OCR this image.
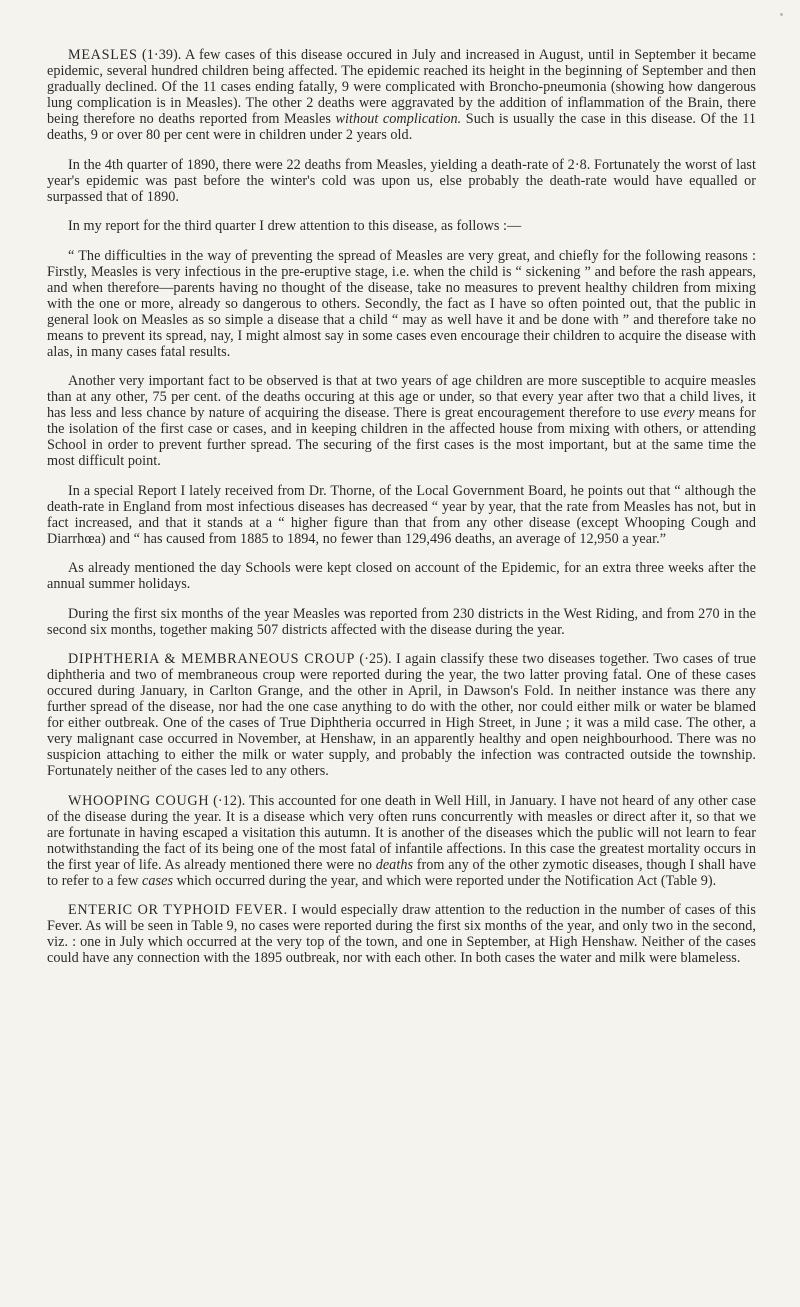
MEASLES (1·39). A few cases of this disease occured in July and increased in August, until in September it became epidemic, several hundred children being affected. The epidemic reached its height in the beginning of September and then gradually declined. Of the 11 cases ending fatally, 9 were complicated with Broncho-pneumonia (showing how dangerous lung complication is in Measles). The other 2 deaths were aggravated by the addition of inflammation of the Brain, there being therefore no deaths reported from Measles without complication. Such is usually the case in this disease. Of the 11 deaths, 9 or over 80 per cent were in children under 2 years old.

In the 4th quarter of 1890, there were 22 deaths from Measles, yielding a death-rate of 2·8. Fortunately the worst of last year's epidemic was past before the winter's cold was upon us, else probably the death-rate would have equalled or surpassed that of 1890.

In my report for the third quarter I drew attention to this disease, as follows :—

“ The difficulties in the way of preventing the spread of Measles are very great, and chiefly for the following reasons : Firstly, Measles is very infectious in the pre-eruptive stage, i.e. when the child is “ sickening ” and before the rash appears, and when therefore—parents having no thought of the disease, take no measures to prevent healthy children from mixing with the one or more, already so dangerous to others. Secondly, the fact as I have so often pointed out, that the public in general look on Measles as so simple a disease that a child “ may as well have it and be done with ” and therefore take no means to prevent its spread, nay, I might almost say in some cases even encourage their children to acquire the disease with alas, in many cases fatal results.

Another very important fact to be observed is that at two years of age children are more susceptible to acquire measles than at any other, 75 per cent. of the deaths occuring at this age or under, so that every year after two that a child lives, it has less and less chance by nature of acquiring the disease. There is great encouragement therefore to use every means for the isolation of the first case or cases, and in keeping children in the affected house from mixing with others, or attending School in order to prevent further spread. The securing of the first cases is the most important, but at the same time the most difficult point.

In a special Report I lately received from Dr. Thorne, of the Local Government Board, he points out that “ although the death-rate in England from most infectious diseases has decreased “ year by year, that the rate from Measles has not, but in fact increased, and that it stands at a “ higher figure than that from any other disease (except Whooping Cough and Diarrhœa) and “ has caused from 1885 to 1894, no fewer than 129,496 deaths, an average of 12,950 a year.”

As already mentioned the day Schools were kept closed on account of the Epidemic, for an extra three weeks after the annual summer holidays.

During the first six months of the year Measles was reported from 230 districts in the West Riding, and from 270 in the second six months, together making 507 districts affected with the disease during the year.

DIPHTHERIA & MEMBRANEOUS CROUP (·25). I again classify these two diseases together. Two cases of true diphtheria and two of membraneous croup were reported during the year, the two latter proving fatal. One of these cases occured during January, in Carlton Grange, and the other in April, in Dawson's Fold. In neither instance was there any further spread of the disease, nor had the one case anything to do with the other, nor could either milk or water be blamed for either outbreak. One of the cases of True Diphtheria occurred in High Street, in June ; it was a mild case. The other, a very malignant case occurred in November, at Henshaw, in an apparently healthy and open neighbourhood. There was no suspicion attaching to either the milk or water supply, and probably the infection was contracted outside the township. Fortunately neither of the cases led to any others.

WHOOPING COUGH (·12). This accounted for one death in Well Hill, in January. I have not heard of any other case of the disease during the year. It is a disease which very often runs concurrently with measles or direct after it, so that we are fortunate in having escaped a visitation this autumn. It is another of the diseases which the public will not learn to fear notwithstanding the fact of its being one of the most fatal of infantile affections. In this case the greatest mortality occurs in the first year of life. As already mentioned there were no deaths from any of the other zymotic diseases, though I shall have to refer to a few cases which occurred during the year, and which were reported under the Notification Act (Table 9).

ENTERIC OR TYPHOID FEVER. I would especially draw attention to the reduction in the number of cases of this Fever. As will be seen in Table 9, no cases were reported during the first six months of the year, and only two in the second, viz. : one in July which occurred at the very top of the town, and one in September, at High Henshaw. Neither of the cases could have any connection with the 1895 outbreak, nor with each other. In both cases the water and milk were blameless.
